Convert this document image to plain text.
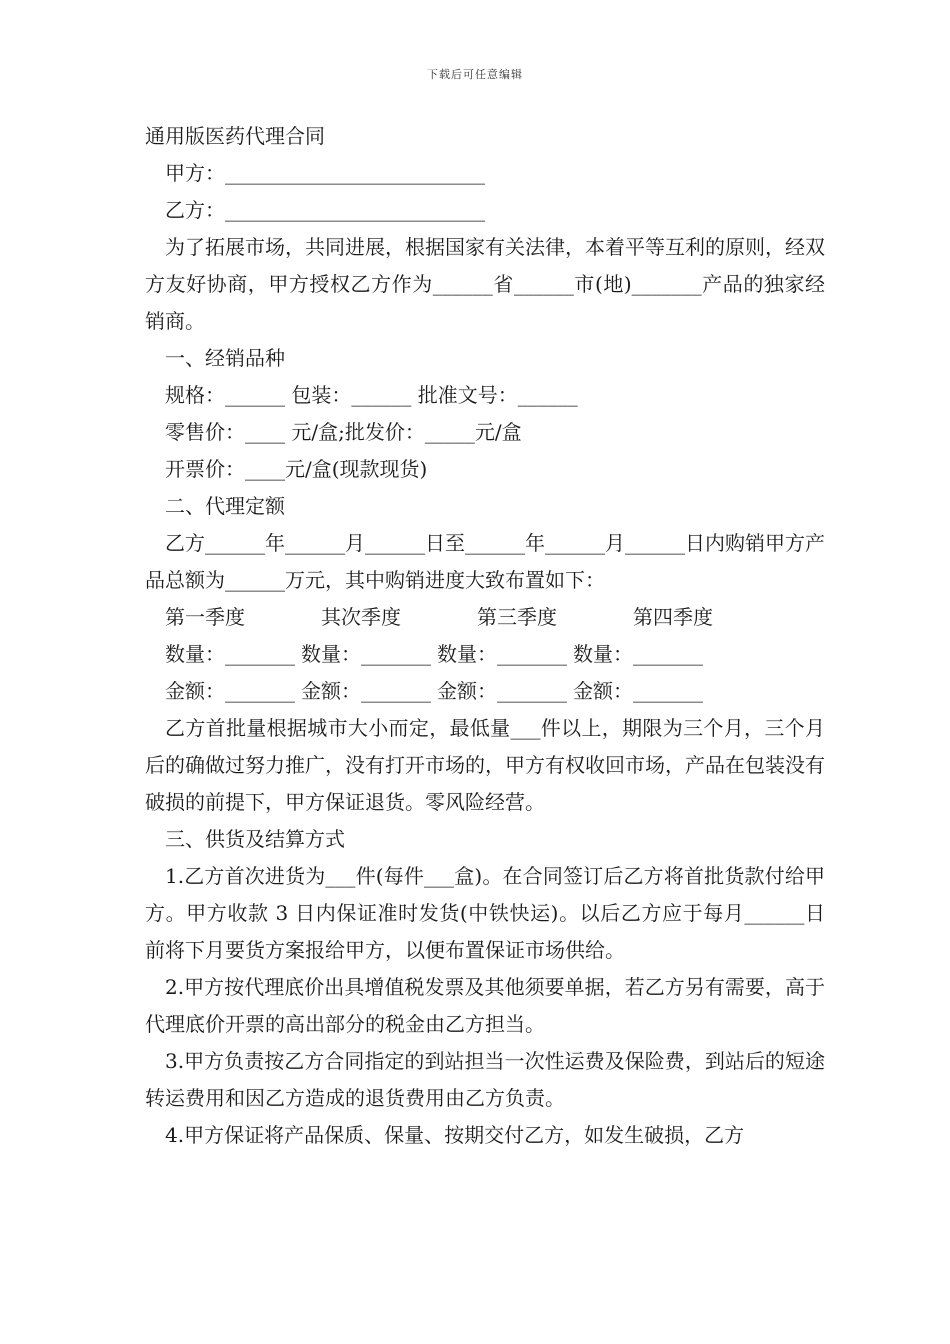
下载后可任意编辑
通用版医药代理合同
甲方：__________________________
乙方：__________________________
为了拓展市场，共同进展，根据国家有关法律，本着平等互利的原则，经双方友好协商，甲方授权乙方作为______省______市(地)_______产品的独家经销商。
一、经销品种
规格：______ 包装：______ 批准文号：______
零售价：____ 元/盒;批发价：_____元/盒
开票价：____元/盒(现款现货)
二、代理定额
乙方______年______月______日至______年______月______日内购销甲方产品总额为______万元，其中购销进度大致布置如下：
第一季度	其次季度	第三季度	第四季度
数量：_______ 数量：_______ 数量：_______ 数量：_______
金额：_______ 金额：_______ 金额：_______ 金额：_______
乙方首批量根据城市大小而定，最低量___件以上，期限为三个月，三个月后的确做过努力推广，没有打开市场的，甲方有权收回市场，产品在包装没有破损的前提下，甲方保证退货。零风险经营。
三、供货及结算方式
1.乙方首次进货为___件(每件___盒)。在合同签订后乙方将首批货款付给甲方。甲方收款 3 日内保证准时发货(中铁快运)。以后乙方应于每月______日前将下月要货方案报给甲方，以便布置保证市场供给。
2.甲方按代理底价出具增值税发票及其他须要单据，若乙方另有需要，高于代理底价开票的高出部分的税金由乙方担当。
3.甲方负责按乙方合同指定的到站担当一次性运费及保险费，到站后的短途转运费用和因乙方造成的退货费用由乙方负责。
4.甲方保证将产品保质、保量、按期交付乙方，如发生破损，乙方
